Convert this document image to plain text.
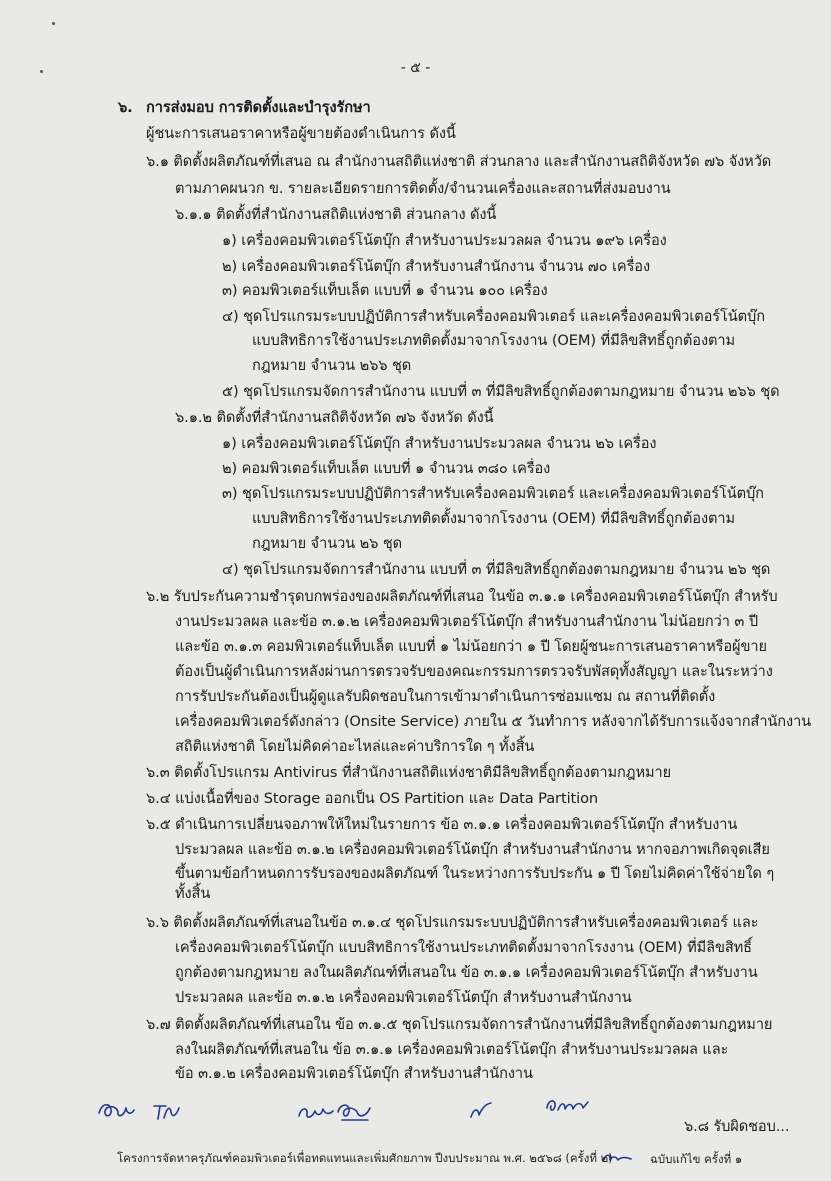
- ๕ -
๖. การส่งมอบ การติดตั้งและบำรุงรักษา
ผู้ชนะการเสนอราคาหรือผู้ขายต้องดำเนินการ ดังนี้
๖.๑ ติดตั้งผลิตภัณฑ์ที่เสนอ ณ สำนักงานสถิติแห่งชาติ ส่วนกลาง และสำนักงานสถิติจังหวัด ๗๖ จังหวัด
ตามภาคผนวก ข. รายละเอียดรายการติดตั้ง/จำนวนเครื่องและสถานที่ส่งมอบงาน
๖.๑.๑ ติดตั้งที่สำนักงานสถิติแห่งชาติ ส่วนกลาง ดังนี้
๑) เครื่องคอมพิวเตอร์โน้ตบุ๊ก สำหรับงานประมวลผล จำนวน ๑๙๖ เครื่อง
๒) เครื่องคอมพิวเตอร์โน้ตบุ๊ก สำหรับงานสำนักงาน จำนวน ๗๐ เครื่อง
๓) คอมพิวเตอร์แท็บเล็ต แบบที่ ๑ จำนวน ๑๐๐ เครื่อง
๔) ชุดโปรแกรมระบบปฏิบัติการสำหรับเครื่องคอมพิวเตอร์ และเครื่องคอมพิวเตอร์โน้ตบุ๊ก
แบบสิทธิการใช้งานประเภทติดตั้งมาจากโรงงาน (OEM) ที่มีลิขสิทธิ์ถูกต้องตาม
กฎหมาย จำนวน ๒๖๖ ชุด
๕) ชุดโปรแกรมจัดการสำนักงาน แบบที่ ๓ ที่มีลิขสิทธิ์ถูกต้องตามกฎหมาย จำนวน ๒๖๖ ชุด
๖.๑.๒ ติดตั้งที่สำนักงานสถิติจังหวัด ๗๖ จังหวัด ดังนี้
๑) เครื่องคอมพิวเตอร์โน้ตบุ๊ก สำหรับงานประมวลผล จำนวน ๒๖ เครื่อง
๒) คอมพิวเตอร์แท็บเล็ต แบบที่ ๑ จำนวน ๓๘๐ เครื่อง
๓) ชุดโปรแกรมระบบปฏิบัติการสำหรับเครื่องคอมพิวเตอร์ และเครื่องคอมพิวเตอร์โน้ตบุ๊ก
แบบสิทธิการใช้งานประเภทติดตั้งมาจากโรงงาน (OEM) ที่มีลิขสิทธิ์ถูกต้องตาม
กฎหมาย จำนวน ๒๖ ชุด
๔) ชุดโปรแกรมจัดการสำนักงาน แบบที่ ๓ ที่มีลิขสิทธิ์ถูกต้องตามกฎหมาย จำนวน ๒๖ ชุด
๖.๒ รับประกันความชำรุดบกพร่องของผลิตภัณฑ์ที่เสนอ ในข้อ ๓.๑.๑ เครื่องคอมพิวเตอร์โน้ตบุ๊ก สำหรับ
งานประมวลผล และข้อ ๓.๑.๒ เครื่องคอมพิวเตอร์โน้ตบุ๊ก สำหรับงานสำนักงาน ไม่น้อยกว่า ๓ ปี
และข้อ ๓.๑.๓ คอมพิวเตอร์แท็บเล็ต แบบที่ ๑ ไม่น้อยกว่า ๑ ปี โดยผู้ชนะการเสนอราคาหรือผู้ขาย
ต้องเป็นผู้ดำเนินการหลังผ่านการตรวจรับของคณะกรรมการตรวจรับพัสดุทั้งสัญญา และในระหว่าง
การรับประกันต้องเป็นผู้ดูแลรับผิดชอบในการเข้ามาดำเนินการซ่อมแซม ณ สถานที่ติดตั้ง
เครื่องคอมพิวเตอร์ดังกล่าว (Onsite Service) ภายใน ๕ วันทำการ หลังจากได้รับการแจ้งจากสำนักงาน
สถิติแห่งชาติ โดยไม่คิดค่าอะไหล่และค่าบริการใด ๆ ทั้งสิ้น
๖.๓ ติดตั้งโปรแกรม Antivirus ที่สำนักงานสถิติแห่งชาติมีลิขสิทธิ์ถูกต้องตามกฎหมาย
๖.๔ แบ่งเนื้อที่ของ Storage ออกเป็น OS Partition และ Data Partition
๖.๕ ดำเนินการเปลี่ยนจอภาพให้ใหม่ในรายการ ข้อ ๓.๑.๑ เครื่องคอมพิวเตอร์โน้ตบุ๊ก สำหรับงาน
ประมวลผล และข้อ ๓.๑.๒ เครื่องคอมพิวเตอร์โน้ตบุ๊ก สำหรับงานสำนักงาน หากจอภาพเกิดจุดเสีย
ขึ้นตามข้อกำหนดการรับรองของผลิตภัณฑ์ ในระหว่างการรับประกัน ๑ ปี โดยไม่คิดค่าใช้จ่ายใด ๆ
ทั้งสิ้น
๖.๖ ติดตั้งผลิตภัณฑ์ที่เสนอในข้อ ๓.๑.๔ ชุดโปรแกรมระบบปฏิบัติการสำหรับเครื่องคอมพิวเตอร์ และ
เครื่องคอมพิวเตอร์โน้ตบุ๊ก แบบสิทธิการใช้งานประเภทติดตั้งมาจากโรงงาน (OEM) ที่มีลิขสิทธิ์
ถูกต้องตามกฎหมาย ลงในผลิตภัณฑ์ที่เสนอใน ข้อ ๓.๑.๑ เครื่องคอมพิวเตอร์โน้ตบุ๊ก สำหรับงาน
ประมวลผล และข้อ ๓.๑.๒ เครื่องคอมพิวเตอร์โน้ตบุ๊ก สำหรับงานสำนักงาน
๖.๗ ติดตั้งผลิตภัณฑ์ที่เสนอใน ข้อ ๓.๑.๕ ชุดโปรแกรมจัดการสำนักงานที่มีลิขสิทธิ์ถูกต้องตามกฎหมาย
ลงในผลิตภัณฑ์ที่เสนอใน ข้อ ๓.๑.๑ เครื่องคอมพิวเตอร์โน้ตบุ๊ก สำหรับงานประมวลผล และ
ข้อ ๓.๑.๒ เครื่องคอมพิวเตอร์โน้ตบุ๊ก สำหรับงานสำนักงาน
๖.๘ รับผิดชอบ...
โครงการจัดหาครุภัณฑ์คอมพิวเตอร์เพื่อทดแทนและเพิ่มศักยภาพ ปีงบประมาณ พ.ศ. ๒๕๖๘ (ครั้งที่ ๒)	ฉบับแก้ไข ครั้งที่ ๑
